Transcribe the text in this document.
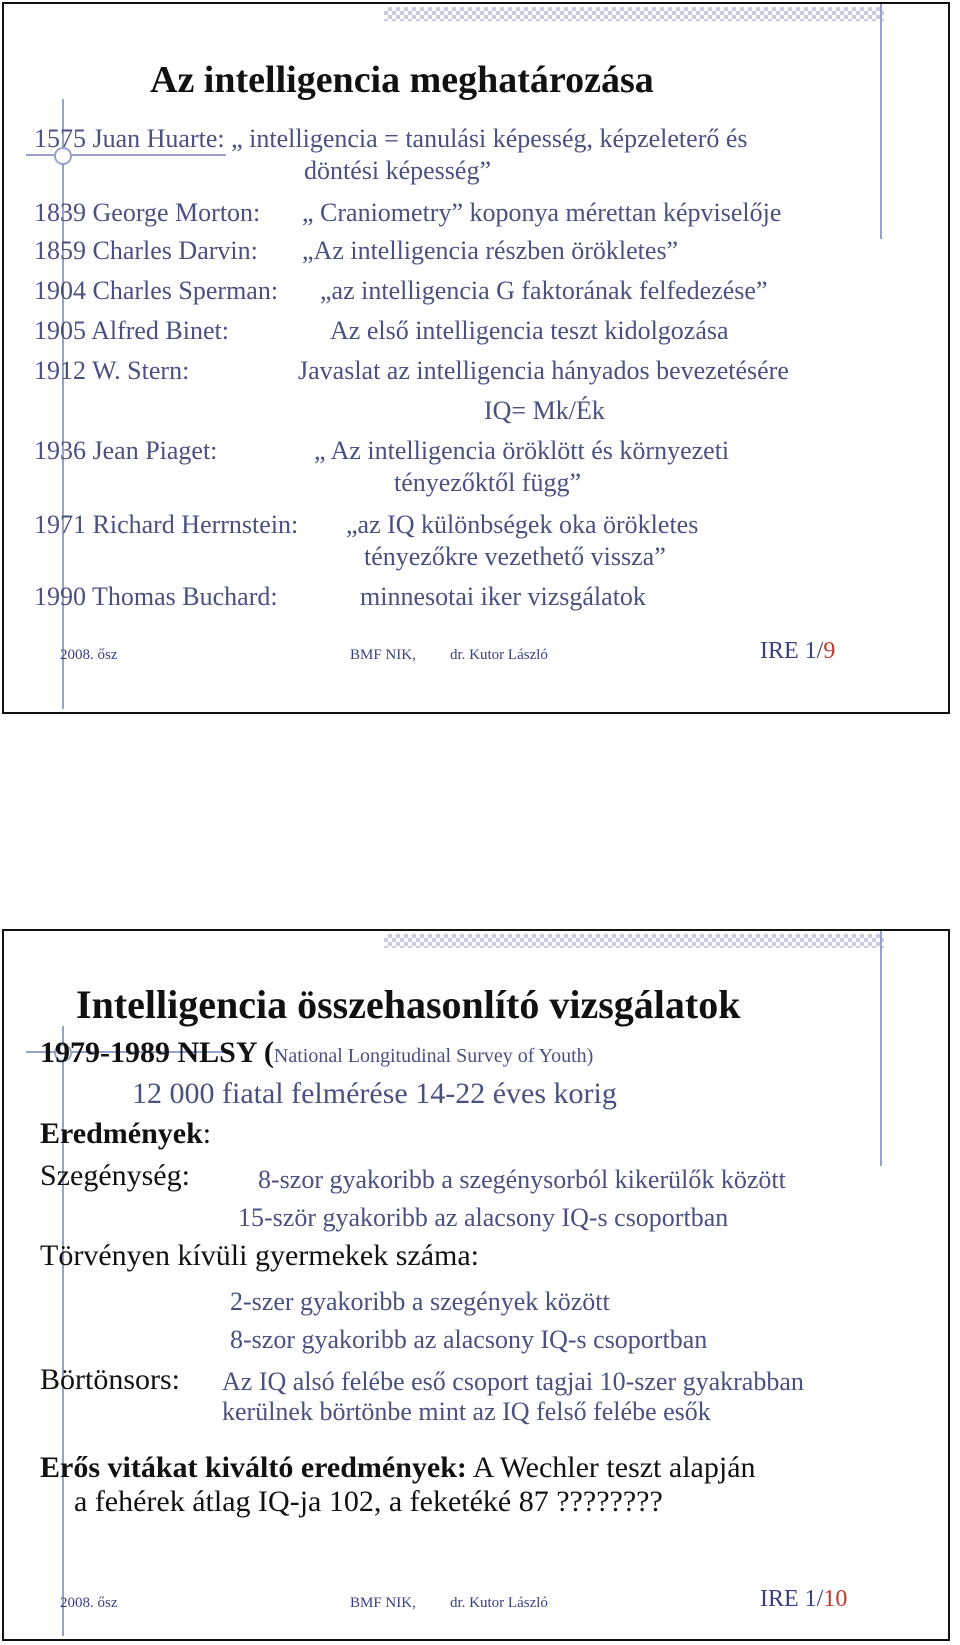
Az intelligencia meghatározása
1575 Juan Huarte: „ intelligencia = tanulási képesség, képzeleterő és
döntési képesség”
1839 George Morton: „ Craniometry” koponya mérettan képviselője
1859 Charles Darvin: „Az intelligencia részben örökletes”
1904 Charles Sperman: „az intelligencia G faktorának felfedezése”
1905 Alfred Binet:	Az első intelligencia teszt kidolgozása
1912 W. Stern:	Javaslat az intelligencia hányados bevezetésére
IQ= Mk/Ék
1936 Jean Piaget:	„ Az intelligencia öröklött és környezeti
tényezőktől függ”
1971 Richard Herrnstein: „az IQ különbségek oka örökletes
tényezőkre vezethető vissza”
1990 Thomas Buchard:	minnesotai iker vizsgálatok
2008. ősz	BMF NIK, dr. Kutor László	IRE 1/9
Intelligencia összehasonlító vizsgálatok
1979-1989 NLSY (National Longitudinal Survey of Youth)
12 000 fiatal felmérése 14-22 éves korig
Eredmények:
Szegénység:	8-szor gyakoribb a szegénysorból kikerülők között
15-ször gyakoribb az alacsony IQ-s csoportban
Törvényen kívüli gyermekek száma:
2-szer gyakoribb a szegények között
8-szor gyakoribb az alacsony IQ-s csoportban
Börtönsors: Az IQ alsó felébe eső csoport tagjai 10-szer gyakrabban
kerülnek börtönbe mint az IQ felső felébe esők
Erős vitákat kiváltó eredmények: A Wechler teszt alapján
a fehérek átlag IQ-ja 102, a feketéké 87 ????????
2008. ősz	BMF NIK, dr. Kutor László	IRE 1/10
